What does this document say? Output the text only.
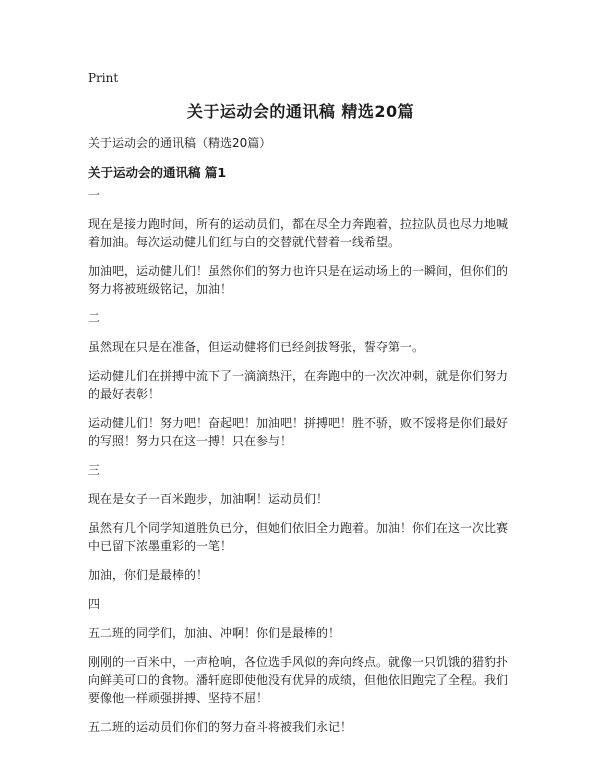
Print
关于运动会的通讯稿 精选20篇
关于运动会的通讯稿（精选20篇）
关于运动会的通讯稿 篇1
一

现在是接力跑时间，所有的运动员们，都在尽全力奔跑着，拉拉队员也尽力地喊着加油。每次运动健儿们红与白的交替就代替着一线希望。

加油吧，运动健儿们！虽然你们的努力也许只是在运动场上的一瞬间，但你们的努力将被班级铭记，加油！

二

虽然现在只是在准备，但运动健将们已经剑拔弩张，誓夺第一。

运动健儿们在拼搏中流下了一滴滴热汗，在奔跑中的一次次冲刺，就是你们努力的最好表彰！

运动健儿们！努力吧！奋起吧！加油吧！拼搏吧！胜不骄，败不馁将是你们最好的写照！努力只在这一搏！只在参与！

三

现在是女子一百米跑步，加油啊！运动员们！

虽然有几个同学知道胜负已分，但她们依旧全力跑着。加油！你们在这一次比赛中已留下浓墨重彩的一笔！

加油，你们是最棒的！

四

五二班的同学们，加油、冲啊！你们是最棒的！

刚刚的一百米中，一声枪响，各位选手风似的奔向终点。就像一只饥饿的猎豹扑向鲜美可口的食物。潘轩庭即使他没有优异的成绩，但他依旧跑完了全程。我们要像他一样顽强拼搏、坚持不屈！

五二班的运动员们你们的努力奋斗将被我们永记！
